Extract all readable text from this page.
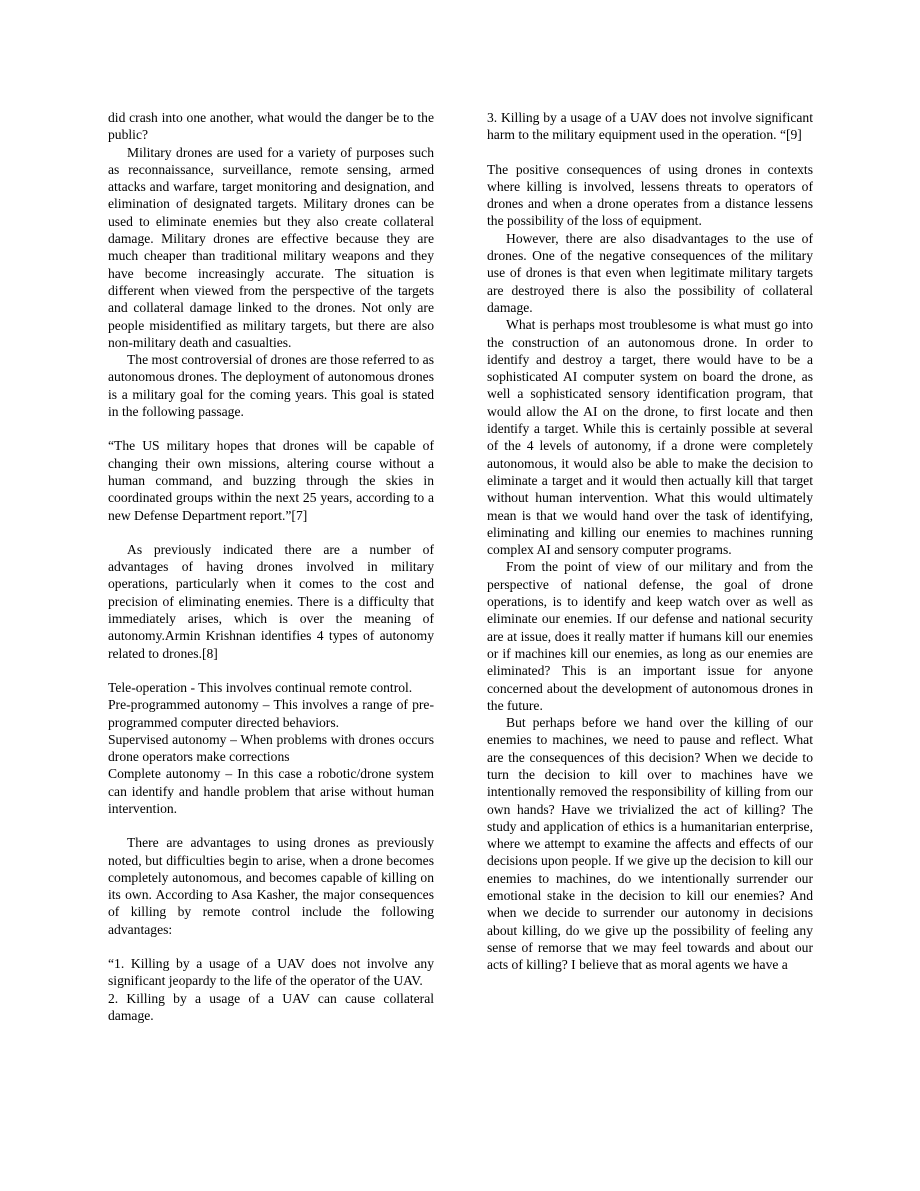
did crash into one another, what would the danger be to the public?

Military drones are used for a variety of purposes such as reconnaissance, surveillance, remote sensing, armed attacks and warfare, target monitoring and designation, and elimination of designated targets. Military drones can be used to eliminate enemies but they also create collateral damage. Military drones are effective because they are much cheaper than traditional military weapons and they have become increasingly accurate. The situation is different when viewed from the perspective of the targets and collateral damage linked to the drones. Not only are people misidentified as military targets, but there are also non-military death and casualties.

The most controversial of drones are those referred to as autonomous drones. The deployment of autonomous drones is a military goal for the coming years. This goal is stated in the following passage.

“The US military hopes that drones will be capable of changing their own missions, altering course without a human command, and buzzing through the skies in coordinated groups within the next 25 years, according to a new Defense Department report.”[7]

As previously indicated there are a number of advantages of having drones involved in military operations, particularly when it comes to the cost and precision of eliminating enemies. There is a difficulty that immediately arises, which is over the meaning of autonomy.Armin Krishnan identifies 4 types of autonomy related to drones.[8]

Tele-operation - This involves continual remote control.
Pre-programmed autonomy – This involves a range of pre-programmed computer directed behaviors.
Supervised autonomy – When problems with drones occurs drone operators make corrections
Complete autonomy – In this case a robotic/drone system can identify and handle problem that arise without human intervention.

There are advantages to using drones as previously noted, but difficulties begin to arise, when a drone becomes completely autonomous, and becomes capable of killing on its own. According to Asa Kasher, the major consequences of killing by remote control include the following advantages:

“1. Killing by a usage of a UAV does not involve any significant jeopardy to the life of the operator of the UAV.

2. Killing by a usage of a UAV can cause collateral damage.

3. Killing by a usage of a UAV does not involve significant harm to the military equipment used in the operation. “[9]

The positive consequences of using drones in contexts where killing is involved, lessens threats to operators of drones and when a drone operates from a distance lessens the possibility of the loss of equipment.

However, there are also disadvantages to the use of drones. One of the negative consequences of the military use of drones is that even when legitimate military targets are destroyed there is also the possibility of collateral damage.

What is perhaps most troublesome is what must go into the construction of an autonomous drone. In order to identify and destroy a target, there would have to be a sophisticated AI computer system on board the drone, as well a sophisticated sensory identification program, that would allow the AI on the drone, to first locate and then identify a target. While this is certainly possible at several of the 4 levels of autonomy, if a drone were completely autonomous, it would also be able to make the decision to eliminate a target and it would then actually kill that target without human intervention. What this would ultimately mean is that we would hand over the task of identifying, eliminating and killing our enemies to machines running complex AI and sensory computer programs.

From the point of view of our military and from the perspective of national defense, the goal of drone operations, is to identify and keep watch over as well as eliminate our enemies. If our defense and national security are at issue, does it really matter if humans kill our enemies or if machines kill our enemies, as long as our enemies are eliminated? This is an important issue for anyone concerned about the development of autonomous drones in the future.

But perhaps before we hand over the killing of our enemies to machines, we need to pause and reflect. What are the consequences of this decision? When we decide to turn the decision to kill over to machines have we intentionally removed the responsibility of killing from our own hands? Have we trivialized the act of killing? The study and application of ethics is a humanitarian enterprise, where we attempt to examine the affects and effects of our decisions upon people. If we give up the decision to kill our enemies to machines, do we intentionally surrender our emotional stake in the decision to kill our enemies? And when we decide to surrender our autonomy in decisions about killing, do we give up the possibility of feeling any sense of remorse that we may feel towards and about our acts of killing? I believe that as moral agents we have a
